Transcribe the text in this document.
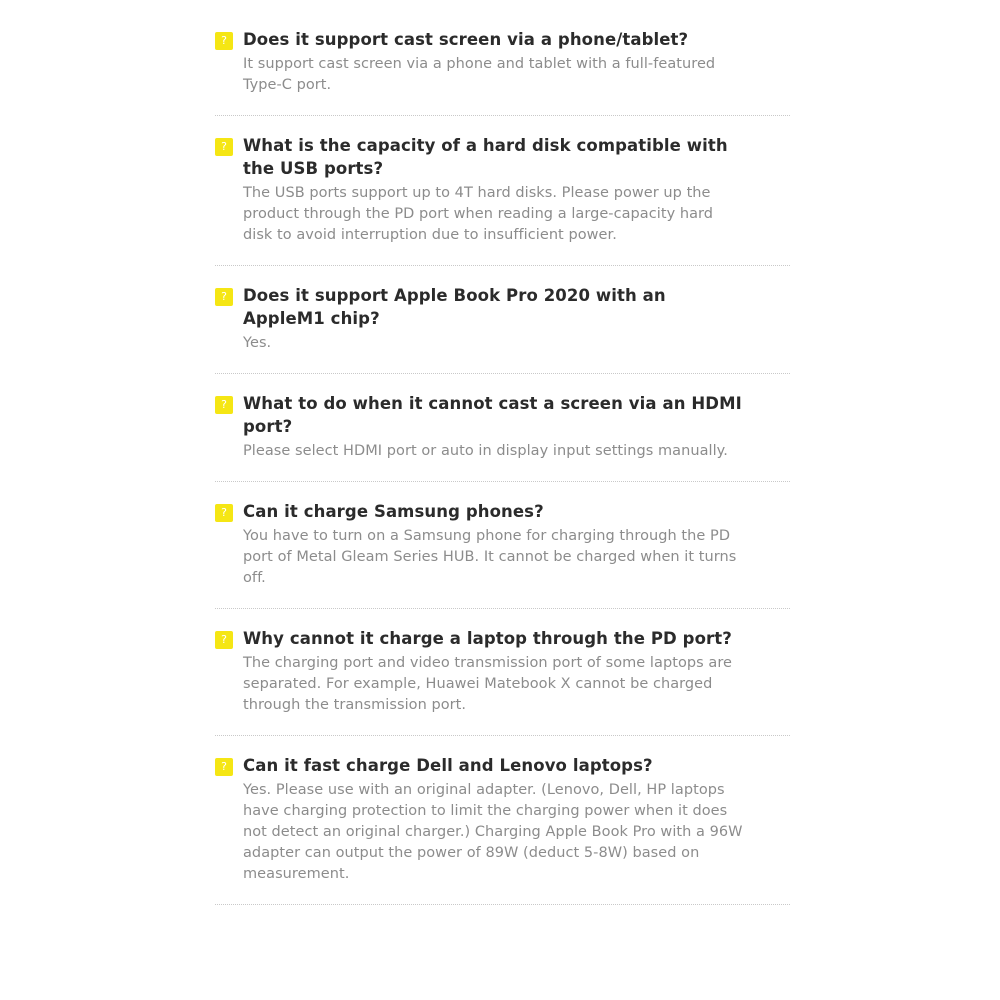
? Does it support cast screen via a phone/tablet?
It support cast screen via a phone and tablet with a full-featured Type-C port.
? What is the capacity of a hard disk compatible with the USB ports?
The USB ports support up to 4T hard disks. Please power up the product through the PD port when reading a large-capacity hard disk to avoid interruption due to insufficient power.
? Does it support Apple Book Pro 2020 with an AppleM1 chip?
Yes.
? What to do when it cannot cast a screen via an HDMI port?
Please select HDMI port or auto in display input settings manually.
? Can it charge Samsung phones?
You have to turn on a Samsung phone for charging through the PD port of Metal Gleam Series HUB. It cannot be charged when it turns off.
? Why cannot it charge a laptop through the PD port?
The charging port and video transmission port of some laptops are separated. For example, Huawei Matebook X cannot be charged through the transmission port.
? Can it fast charge Dell and Lenovo laptops?
Yes. Please use with an original adapter. (Lenovo, Dell, HP laptops have charging protection to limit the charging power when it does not detect an original charger.) Charging Apple Book Pro with a 96W adapter can output the power of 89W (deduct 5-8W) based on measurement.
